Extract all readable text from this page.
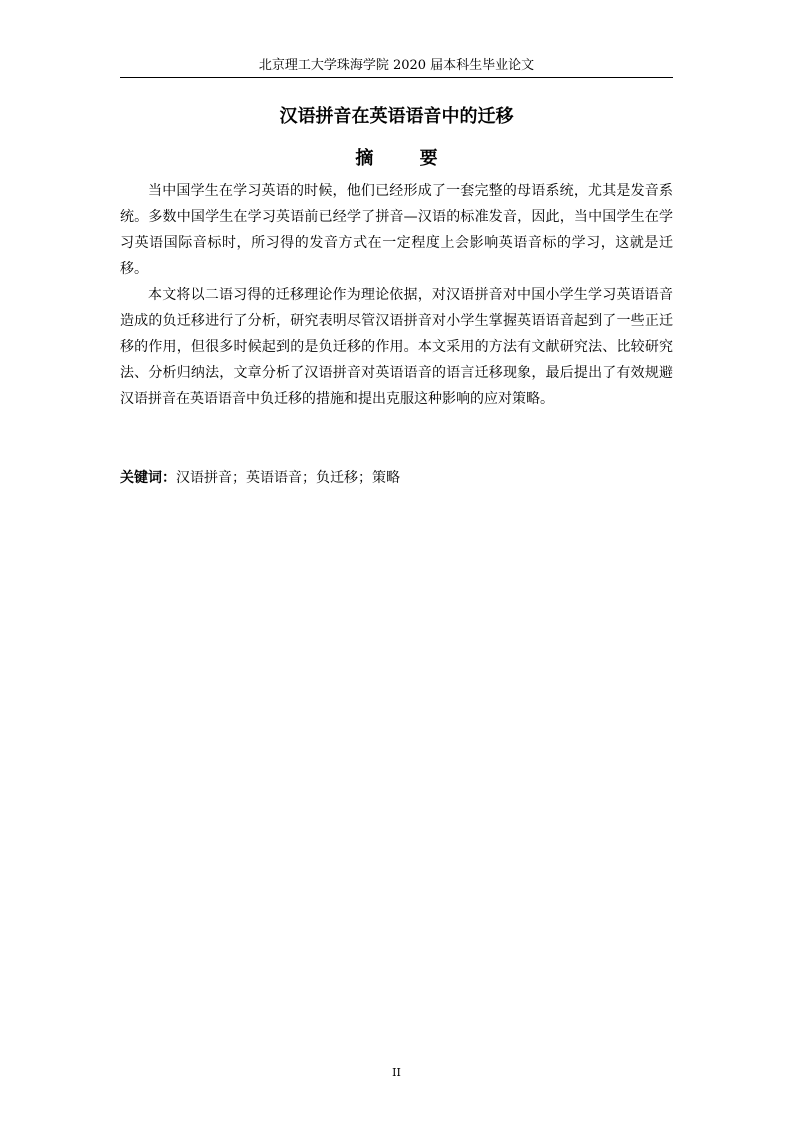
北京理工大学珠海学院 2020 届本科生毕业论文
汉语拼音在英语语音中的迁移
摘 要

当中国学生在学习英语的时候，他们已经形成了一套完整的母语系统，尤其是发音系统。多数中国学生在学习英语前已经学了拼音—汉语的标准发音，因此，当中国学生在学习英语国际音标时，所习得的发音方式在一定程度上会影响英语音标的学习，这就是迁移。

本文将以二语习得的迁移理论作为理论依据，对汉语拼音对中国小学生学习英语语音造成的负迁移进行了分析，研究表明尽管汉语拼音对小学生掌握英语语音起到了一些正迁移的作用，但很多时候起到的是负迁移的作用。本文采用的方法有文献研究法、比较研究法、分析归纳法，文章分析了汉语拼音对英语语音的语言迁移现象，最后提出了有效规避汉语拼音在英语语音中负迁移的措施和提出克服这种影响的应对策略。

关键词：汉语拼音；英语语音；负迁移；策略
II
